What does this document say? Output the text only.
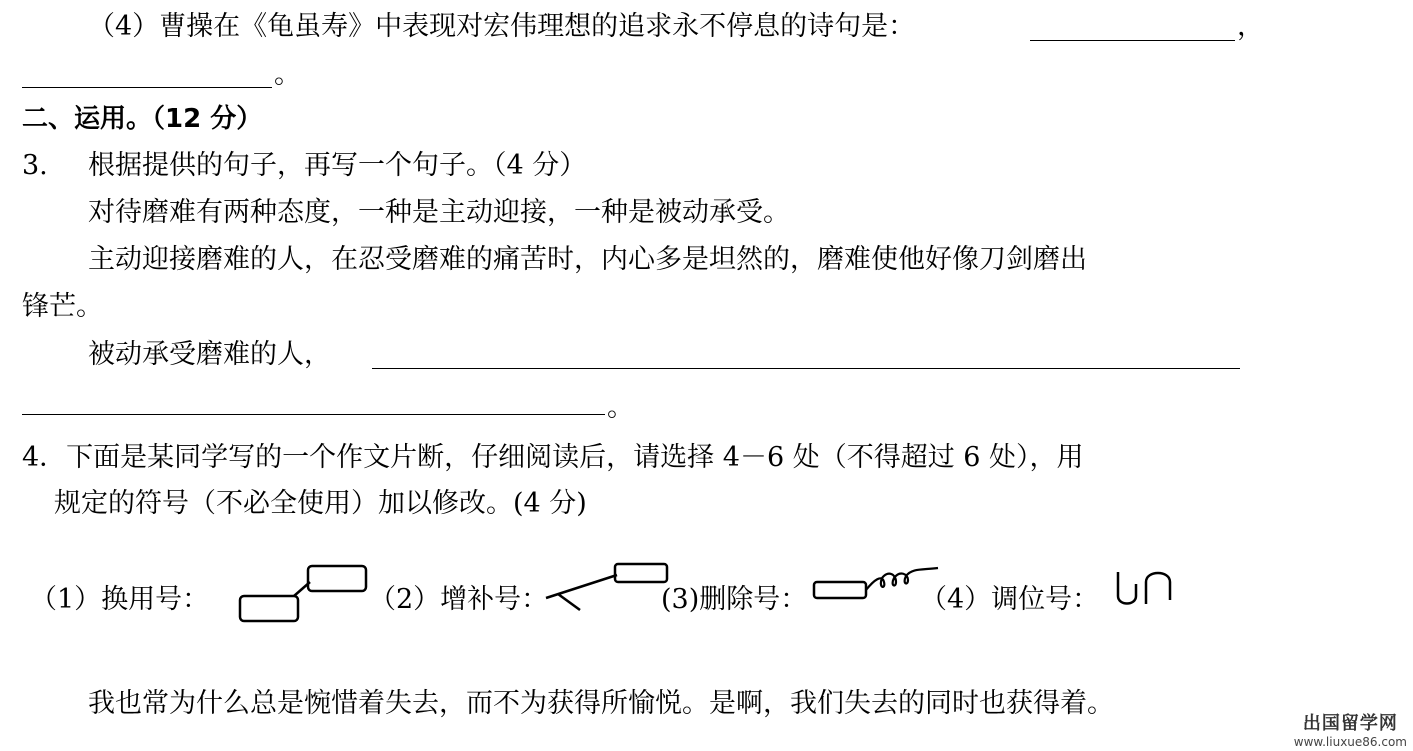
（4）曹操在《龟虽寿》中表现对宏伟理想的追求永不停息的诗句是：	，
。
二、运用。（12 分）
3. 根据提供的句子，再写一个句子。（4 分）
对待磨难有两种态度，一种是主动迎接，一种是被动承受。
主动迎接磨难的人，在忍受磨难的痛苦时，内心多是坦然的，磨难使他好像刀剑磨出
锋芒。
被动承受磨难的人，
。
4．下面是某同学写的一个作文片断，仔细阅读后，请选择 4－6 处（不得超过 6 处），用
规定的符号（不必全使用）加以修改。(4 分)
（1）换用号：	（2）增补号：	(3)删除号：	（4）调位号：
我也常为什么总是惋惜着失去，而不为获得所愉悦。是啊，我们失去的同时也获得着。
出国留学网
www.liuxue86.com
